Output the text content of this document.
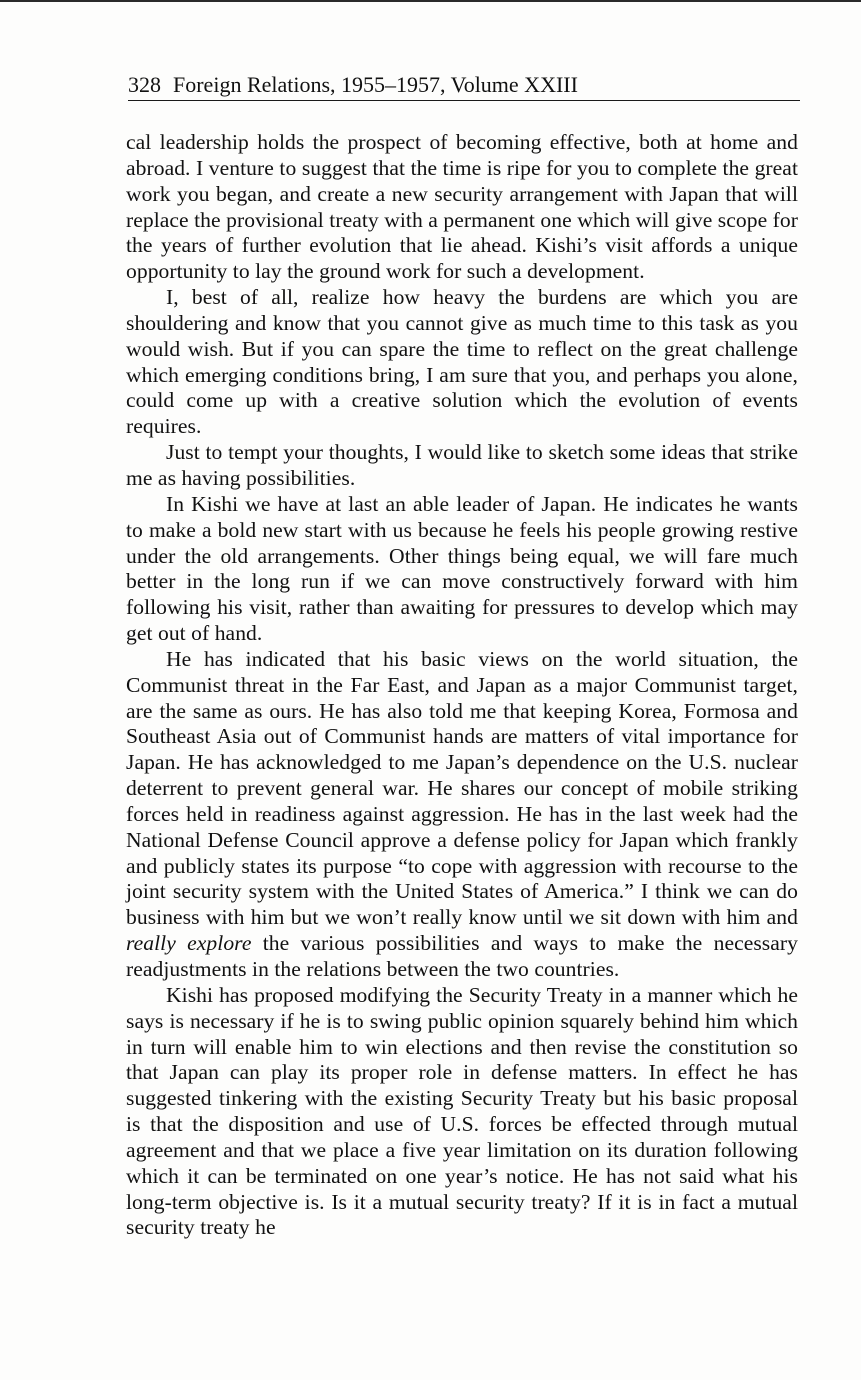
328 Foreign Relations, 1955–1957, Volume XXIII

cal leadership holds the prospect of becoming effective, both at home and abroad. I venture to suggest that the time is ripe for you to complete the great work you began, and create a new security arrangement with Japan that will replace the provisional treaty with a permanent one which will give scope for the years of further evolution that lie ahead. Kishi’s visit affords a unique opportunity to lay the ground work for such a development.

I, best of all, realize how heavy the burdens are which you are shouldering and know that you cannot give as much time to this task as you would wish. But if you can spare the time to reflect on the great challenge which emerging conditions bring, I am sure that you, and perhaps you alone, could come up with a creative solution which the evolution of events requires.

Just to tempt your thoughts, I would like to sketch some ideas that strike me as having possibilities.

In Kishi we have at last an able leader of Japan. He indicates he wants to make a bold new start with us because he feels his people growing restive under the old arrangements. Other things being equal, we will fare much better in the long run if we can move constructively forward with him following his visit, rather than awaiting for pressures to develop which may get out of hand.

He has indicated that his basic views on the world situation, the Communist threat in the Far East, and Japan as a major Communist target, are the same as ours. He has also told me that keeping Korea, Formosa and Southeast Asia out of Communist hands are matters of vital importance for Japan. He has acknowledged to me Japan’s dependence on the U.S. nuclear deterrent to prevent general war. He shares our concept of mobile striking forces held in readiness against aggression. He has in the last week had the National Defense Council approve a defense policy for Japan which frankly and publicly states its purpose “to cope with aggression with recourse to the joint security system with the United States of America.” I think we can do business with him but we won’t really know until we sit down with him and really explore the various possibilities and ways to make the necessary readjustments in the relations between the two countries.

Kishi has proposed modifying the Security Treaty in a manner which he says is necessary if he is to swing public opinion squarely behind him which in turn will enable him to win elections and then revise the constitution so that Japan can play its proper role in defense matters. In effect he has suggested tinkering with the existing Security Treaty but his basic proposal is that the disposition and use of U.S. forces be effected through mutual agreement and that we place a five year limitation on its duration following which it can be terminated on one year’s notice. He has not said what his long-term objective is. Is it a mutual security treaty? If it is in fact a mutual security treaty he
